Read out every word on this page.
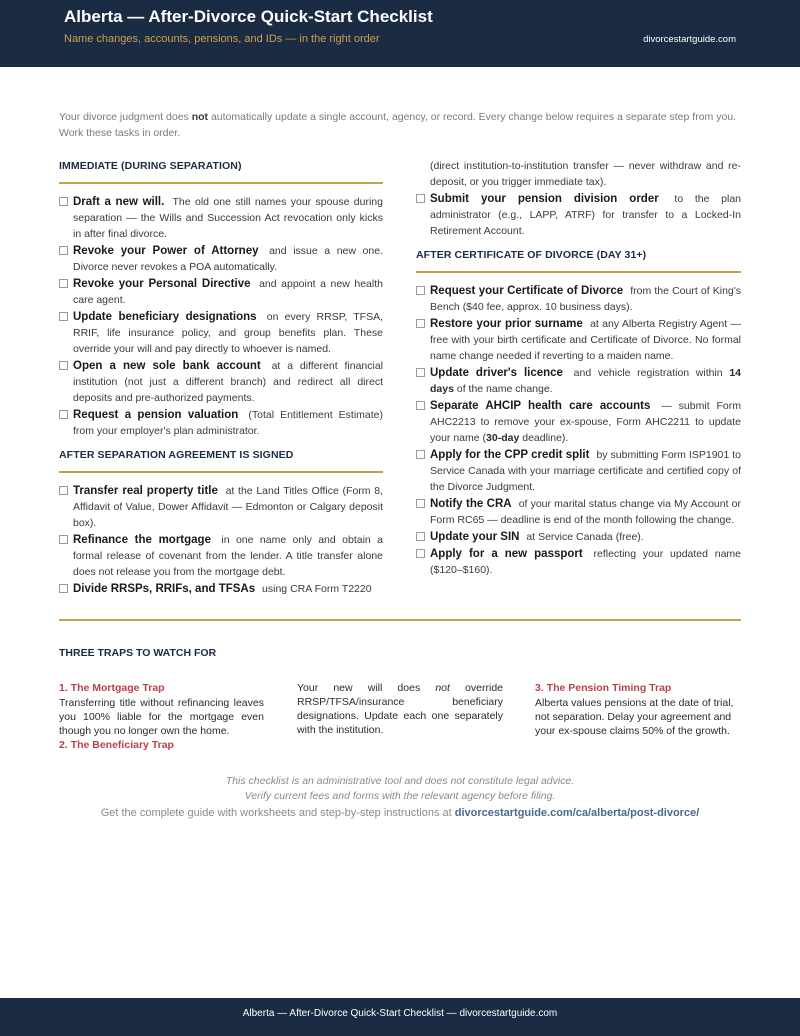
Alberta — After-Divorce Quick-Start Checklist
Name changes, accounts, pensions, and IDs — in the right order	divorcestartguide.com
Your divorce judgment does not automatically update a single account, agency, or record. Every change below requires a separate step from you. Work these tasks in order.
IMMEDIATE (DURING SEPARATION)
Draft a new will. The old one still names your spouse during separation — the Wills and Succession Act revocation only kicks in after final divorce.
Revoke your Power of Attorney and issue a new one. Divorce never revokes a POA automatically.
Revoke your Personal Directive and appoint a new health care agent.
Update beneficiary designations on every RRSP, TFSA, RRIF, life insurance policy, and group benefits plan. These override your will and pay directly to whoever is named.
Open a new sole bank account at a different financial institution (not just a different branch) and redirect all direct deposits and pre-authorized payments.
Request a pension valuation (Total Entitlement Estimate) from your employer's plan administrator.
AFTER SEPARATION AGREEMENT IS SIGNED
Transfer real property title at the Land Titles Office (Form 8, Affidavit of Value, Dower Affidavit — Edmonton or Calgary deposit box).
Refinance the mortgage in one name only and obtain a formal release of covenant from the lender. A title transfer alone does not release you from the mortgage debt.
Divide RRSPs, RRIFs, and TFSAs using CRA Form T2220
(direct institution-to-institution transfer — never withdraw and re-deposit, or you trigger immediate tax).
Submit your pension division order to the plan administrator (e.g., LAPP, ATRF) for transfer to a Locked-In Retirement Account.
AFTER CERTIFICATE OF DIVORCE (DAY 31+)
Request your Certificate of Divorce from the Court of King's Bench ($40 fee, approx. 10 business days).
Restore your prior surname at any Alberta Registry Agent — free with your birth certificate and Certificate of Divorce. No formal name change needed if reverting to a maiden name.
Update driver's licence and vehicle registration within 14 days of the name change.
Separate AHCIP health care accounts — submit Form AHC2213 to remove your ex-spouse, Form AHC2211 to update your name (30-day deadline).
Apply for the CPP credit split by submitting Form ISP1901 to Service Canada with your marriage certificate and certified copy of the Divorce Judgment.
Notify the CRA of your marital status change via My Account or Form RC65 — deadline is end of the month following the change.
Update your SIN at Service Canada (free).
Apply for a new passport reflecting your updated name ($120–$160).
THREE TRAPS TO WATCH FOR
1. The Mortgage Trap
Transferring title without refinancing leaves you 100% liable for the mortgage even though you no longer own the home.
2. The Beneficiary Trap
Your new will does not override RRSP/TFSA/insurance beneficiary designations. Update each one separately with the institution.
3. The Pension Timing Trap
Alberta values pensions at the date of trial, not separation. Delay your agreement and your ex-spouse claims 50% of the growth.
This checklist is an administrative tool and does not constitute legal advice.
Verify current fees and forms with the relevant agency before filing.
Get the complete guide with worksheets and step-by-step instructions at divorcestartguide.com/ca/alberta/post-divorce/
Alberta — After-Divorce Quick-Start Checklist — divorcestartguide.com
